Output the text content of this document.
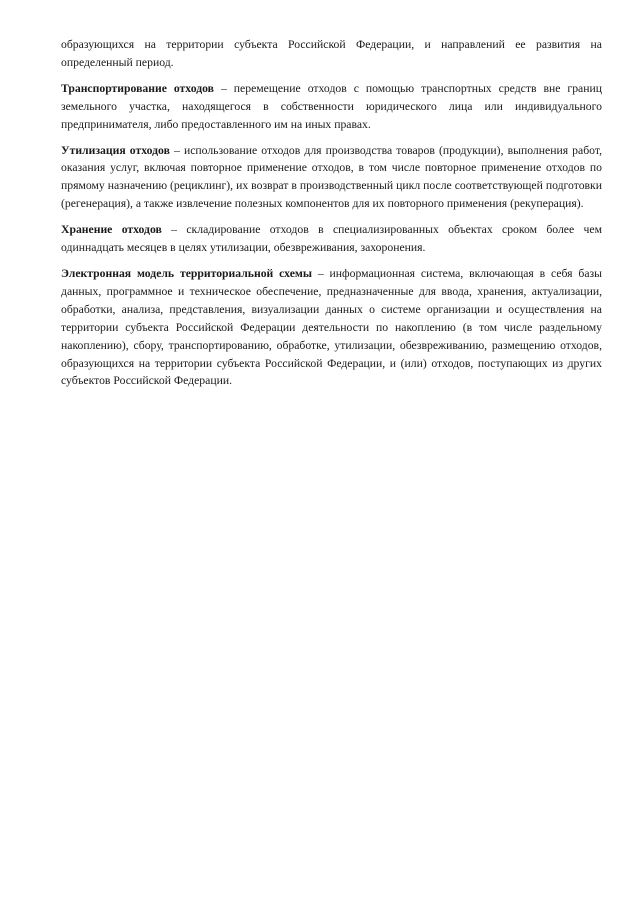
образующихся на территории субъекта Российской Федерации, и направлений ее развития на определенный период.

Транспортирование отходов – перемещение отходов с помощью транспортных средств вне границ земельного участка, находящегося в собственности юридического лица или индивидуального предпринимателя, либо предоставленного им на иных правах.

Утилизация отходов – использование отходов для производства товаров (продукции), выполнения работ, оказания услуг, включая повторное применение отходов, в том числе повторное применение отходов по прямому назначению (рециклинг), их возврат в производственный цикл после соответствующей подготовки (регенерация), а также извлечение полезных компонентов для их повторного применения (рекуперация).

Хранение отходов – складирование отходов в специализированных объектах сроком более чем одиннадцать месяцев в целях утилизации, обезвреживания, захоронения.

Электронная модель территориальной схемы – информационная система, включающая в себя базы данных, программное и техническое обеспечение, предназначенные для ввода, хранения, актуализации, обработки, анализа, представления, визуализации данных о системе организации и осуществления на территории субъекта Российской Федерации деятельности по накоплению (в том числе раздельному накоплению), сбору, транспортированию, обработке, утилизации, обезвреживанию, размещению отходов, образующихся на территории субъекта Российской Федерации, и (или) отходов, поступающих из других субъектов Российской Федерации.
